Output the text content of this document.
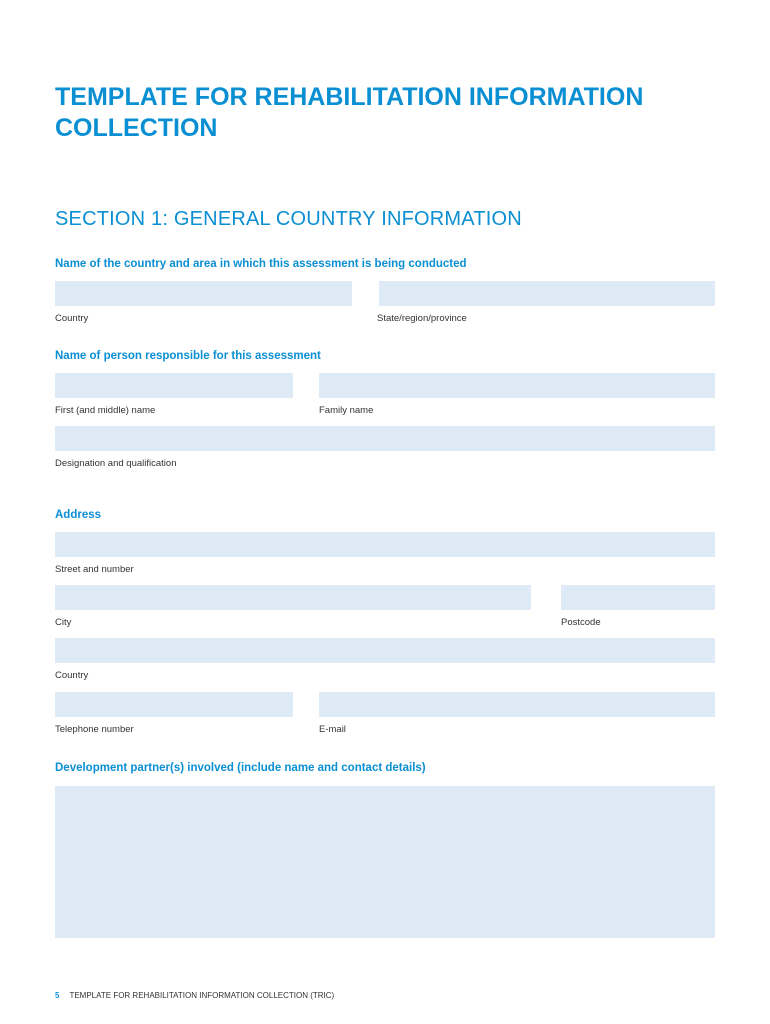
TEMPLATE FOR REHABILITATION INFORMATION COLLECTION
SECTION 1: GENERAL COUNTRY INFORMATION

Name of the country and area in which this assessment is being conducted

Country	State/region/province

Name of person responsible for this assessment

First (and middle) name	Family name
Designation and qualification

Address

Street and number
City	Postcode
Country
Telephone number	E-mail

Development partner(s) involved (include name and contact details)

5 TEMPLATE FOR REHABILITATION INFORMATION COLLECTION (TRIC)
